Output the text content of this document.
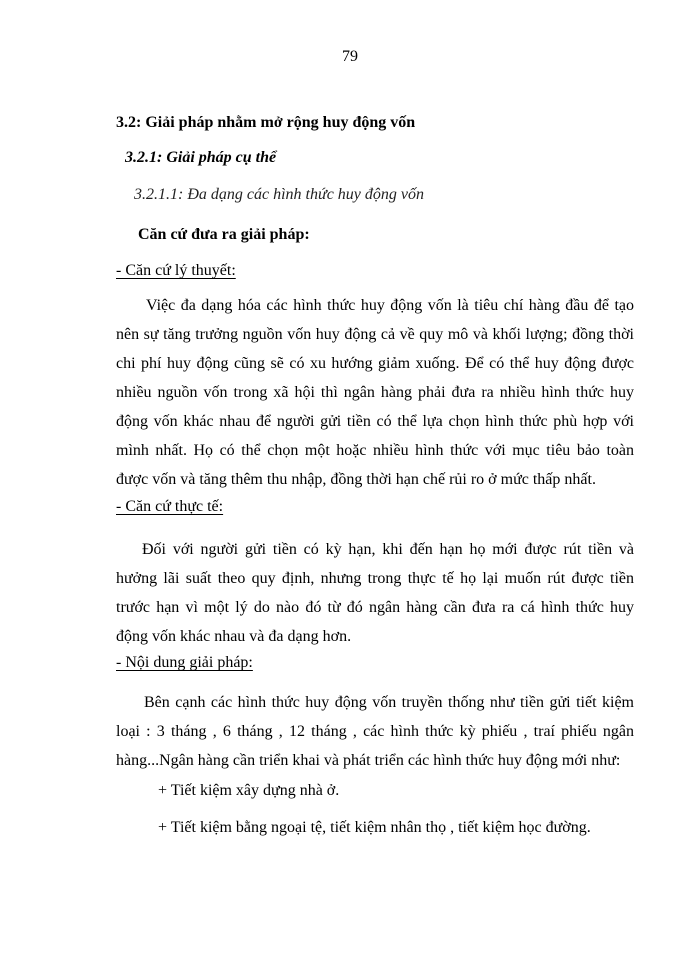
79
3.2: Giải pháp nhằm mở rộng huy động vốn
3.2.1: Giải pháp cụ thể
3.2.1.1: Đa dạng các hình thức huy động vốn
Căn cứ đưa ra giải pháp:
- Căn cứ lý thuyết:
Việc đa dạng hóa các hình thức huy động vốn là tiêu chí hàng đầu để tạo
nên sự tăng trưởng nguồn vốn huy động cả về quy mô và khối lượng; đồng thời
chi phí huy động cũng sẽ có xu hướng giảm xuống. Để có thể huy động được
nhiều nguồn vốn trong xã hội thì ngân hàng phải đưa ra nhiều hình thức huy
động vốn khác nhau để người gửi tiền có thể lựa chọn hình thức phù hợp với
mình nhất. Họ có thể chọn một hoặc nhiều hình thức với mục tiêu bảo toàn
được vốn và tăng thêm thu nhập, đồng thời hạn chế rủi ro ở mức thấp nhất.
- Căn cứ thực tế:
Đối với người gửi tiền có kỳ hạn, khi đến hạn họ mới được rút tiền và
hưởng lãi suất theo quy định, nhưng trong thực tế họ lại muốn rút được tiền
trước hạn vì một lý do nào đó từ đó ngân hàng cần đưa ra cá hình thức huy
động vốn khác nhau và đa dạng hơn.
- Nội dung giải pháp:
Bên cạnh các hình thức huy động vốn truyền thống như tiền gửi tiết kiệm
loại : 3 tháng , 6 tháng , 12 tháng , các hình thức kỳ phiếu , traí phiếu ngân
hàng...Ngân hàng cần triển khai và phát triển các hình thức huy động mới như:
+ Tiết kiệm xây dựng nhà ở.
+ Tiết kiệm bằng ngoại tệ, tiết kiệm nhân thọ , tiết kiệm học đường.
